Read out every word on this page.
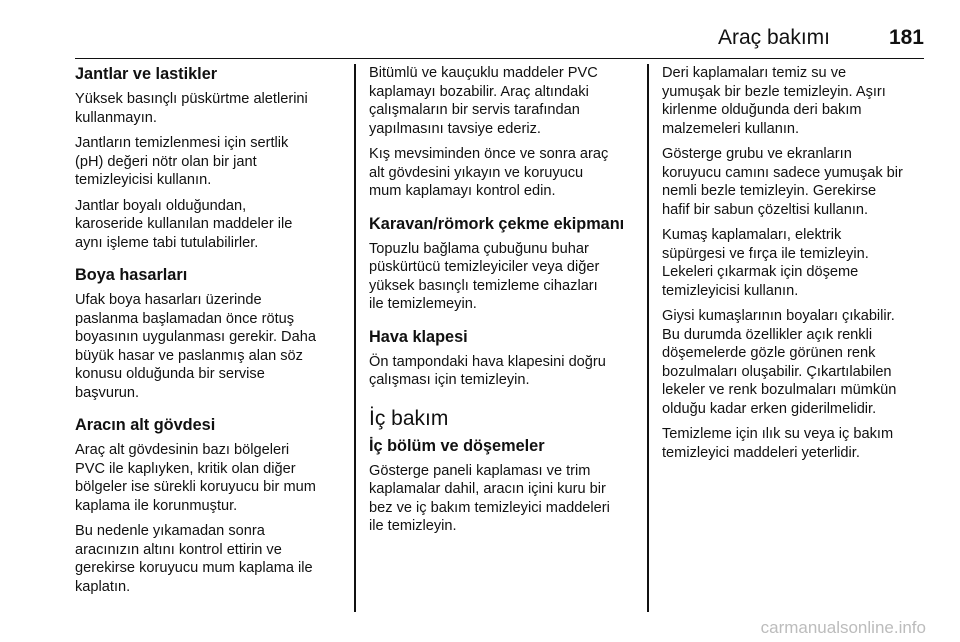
Araç bakımı	181
Jantlar ve lastikler

Yüksek basınçlı püskürtme aletlerini
kullanmayın.

Jantların temizlenmesi için sertlik
(pH) değeri nötr olan bir jant
temizleyicisi kullanın.

Jantlar boyalı olduğundan,
karoseride kullanılan maddeler ile
aynı işleme tabi tutulabilirler.

Boya hasarları

Ufak boya hasarları üzerinde
paslanma başlamadan önce rötuş
boyasının uygulanması gerekir. Daha
büyük hasar ve paslanmış alan söz
konusu olduğunda bir servise
başvurun.

Aracın alt gövdesi

Araç alt gövdesinin bazı bölgeleri
PVC ile kaplıyken, kritik olan diğer
bölgeler ise sürekli koruyucu bir mum
kaplama ile korunmuştur.

Bu nedenle yıkamadan sonra
aracınızın altını kontrol ettirin ve
gerekirse koruyucu mum kaplama ile
kaplatın.

Bitümlü ve kauçuklu maddeler PVC
kaplamayı bozabilir. Araç altındaki
çalışmaların bir servis tarafından
yapılmasını tavsiye ederiz.

Kış mevsiminden önce ve sonra araç
alt gövdesini yıkayın ve koruyucu
mum kaplamayı kontrol edin.

Karavan/römork çekme ekipmanı

Topuzlu bağlama çubuğunu buhar
püskürtücü temizleyiciler veya diğer
yüksek basınçlı temizleme cihazları
ile temizlemeyin.

Hava klapesi

Ön tampondaki hava klapesini doğru
çalışması için temizleyin.

İç bakım
İç bölüm ve döşemeler

Gösterge paneli kaplaması ve trim
kaplamalar dahil, aracın içini kuru bir
bez ve iç bakım temizleyici maddeleri
ile temizleyin.

Deri kaplamaları temiz su ve
yumuşak bir bezle temizleyin. Aşırı
kirlenme olduğunda deri bakım
malzemeleri kullanın.

Gösterge grubu ve ekranların
koruyucu camını sadece yumuşak bir
nemli bezle temizleyin. Gerekirse
hafif bir sabun çözeltisi kullanın.

Kumaş kaplamaları, elektrik
süpürgesi ve fırça ile temizleyin.
Lekeleri çıkarmak için döşeme
temizleyicisi kullanın.

Giysi kumaşlarının boyaları çıkabilir.
Bu durumda özellikler açık renkli
döşemelerde gözle görünen renk
bozulmaları oluşabilir. Çıkartılabilen
lekeler ve renk bozulmaları mümkün
olduğu kadar erken giderilmelidir.

Temizleme için ılık su veya iç bakım
temizleyici maddeleri yeterlidir.

carmanualsonline.info
